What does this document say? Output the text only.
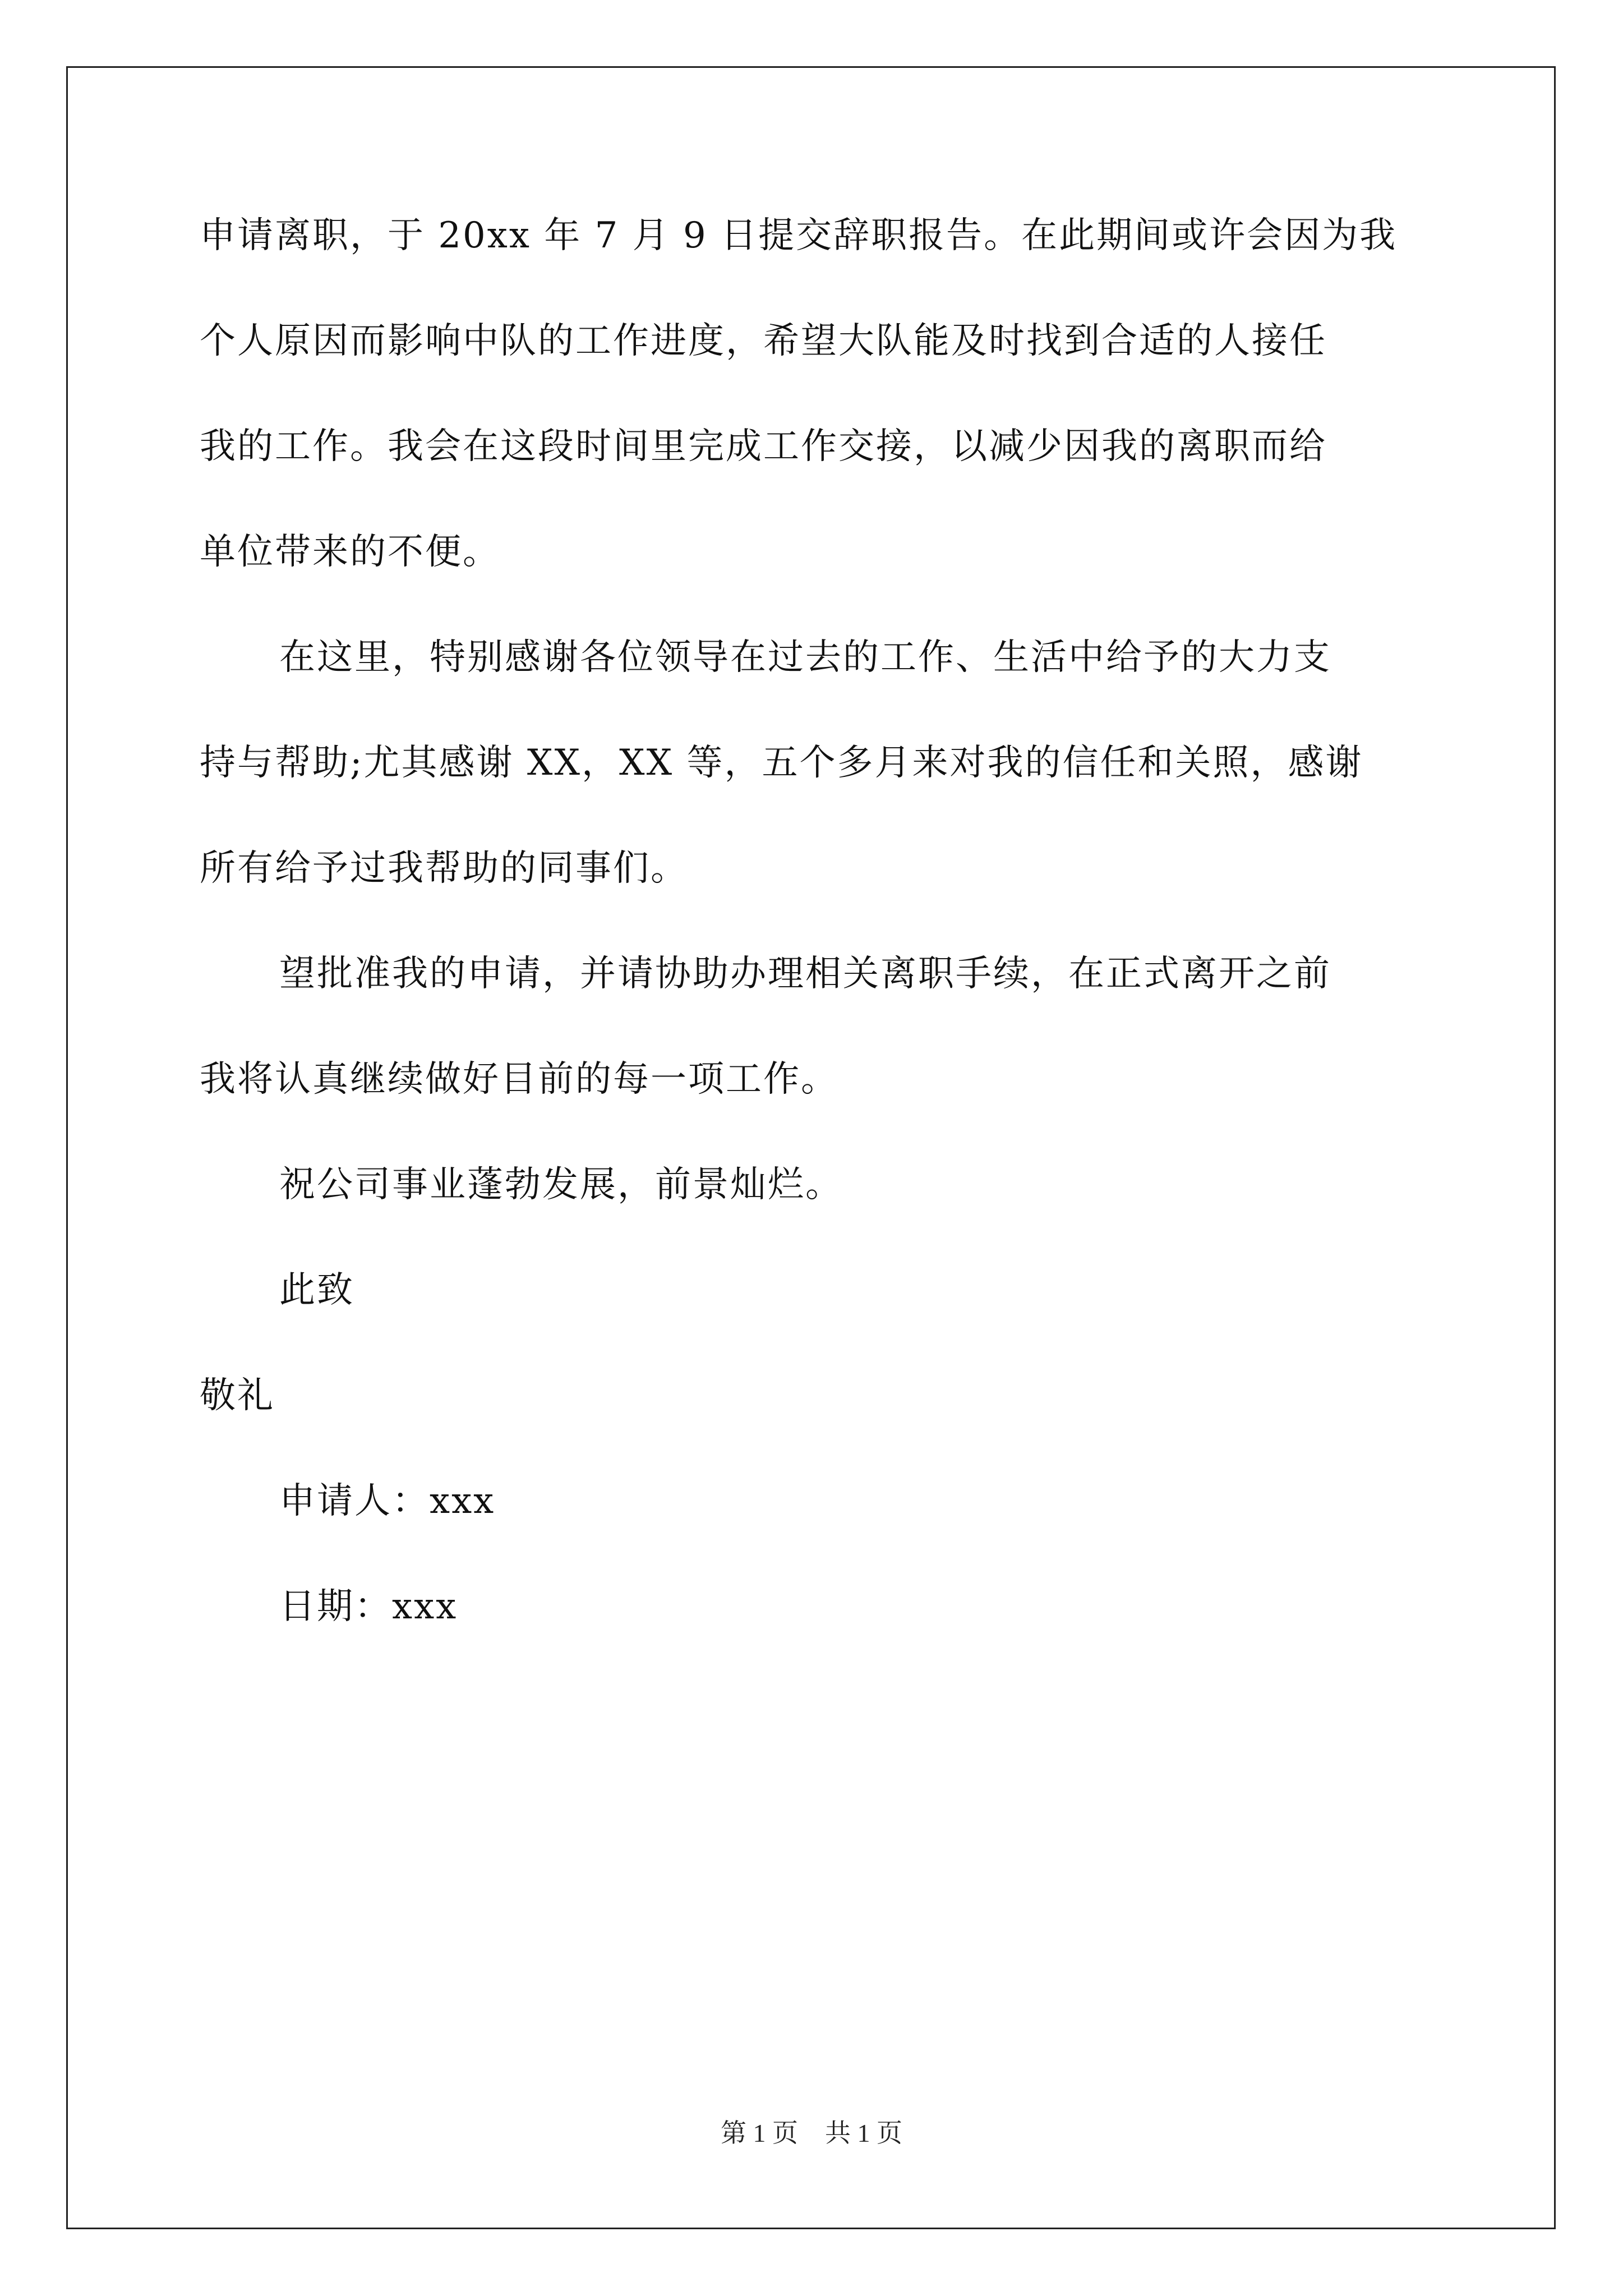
申请离职，于 20xx 年 7 月 9 日提交辞职报告。在此期间或许会因为我
个人原因而影响中队的工作进度，希望大队能及时找到合适的人接任
我的工作。我会在这段时间里完成工作交接，以减少因我的离职而给
单位带来的不便。
在这里，特别感谢各位领导在过去的工作、生活中给予的大力支
持与帮助;尤其感谢 XX，XX 等，五个多月来对我的信任和关照，感谢
所有给予过我帮助的同事们。
望批准我的申请，并请协助办理相关离职手续，在正式离开之前
我将认真继续做好目前的每一项工作。
祝公司事业蓬勃发展，前景灿烂。
此致
敬礼
申请人：xxx
日期：xxx
第 1 页 共 1 页
